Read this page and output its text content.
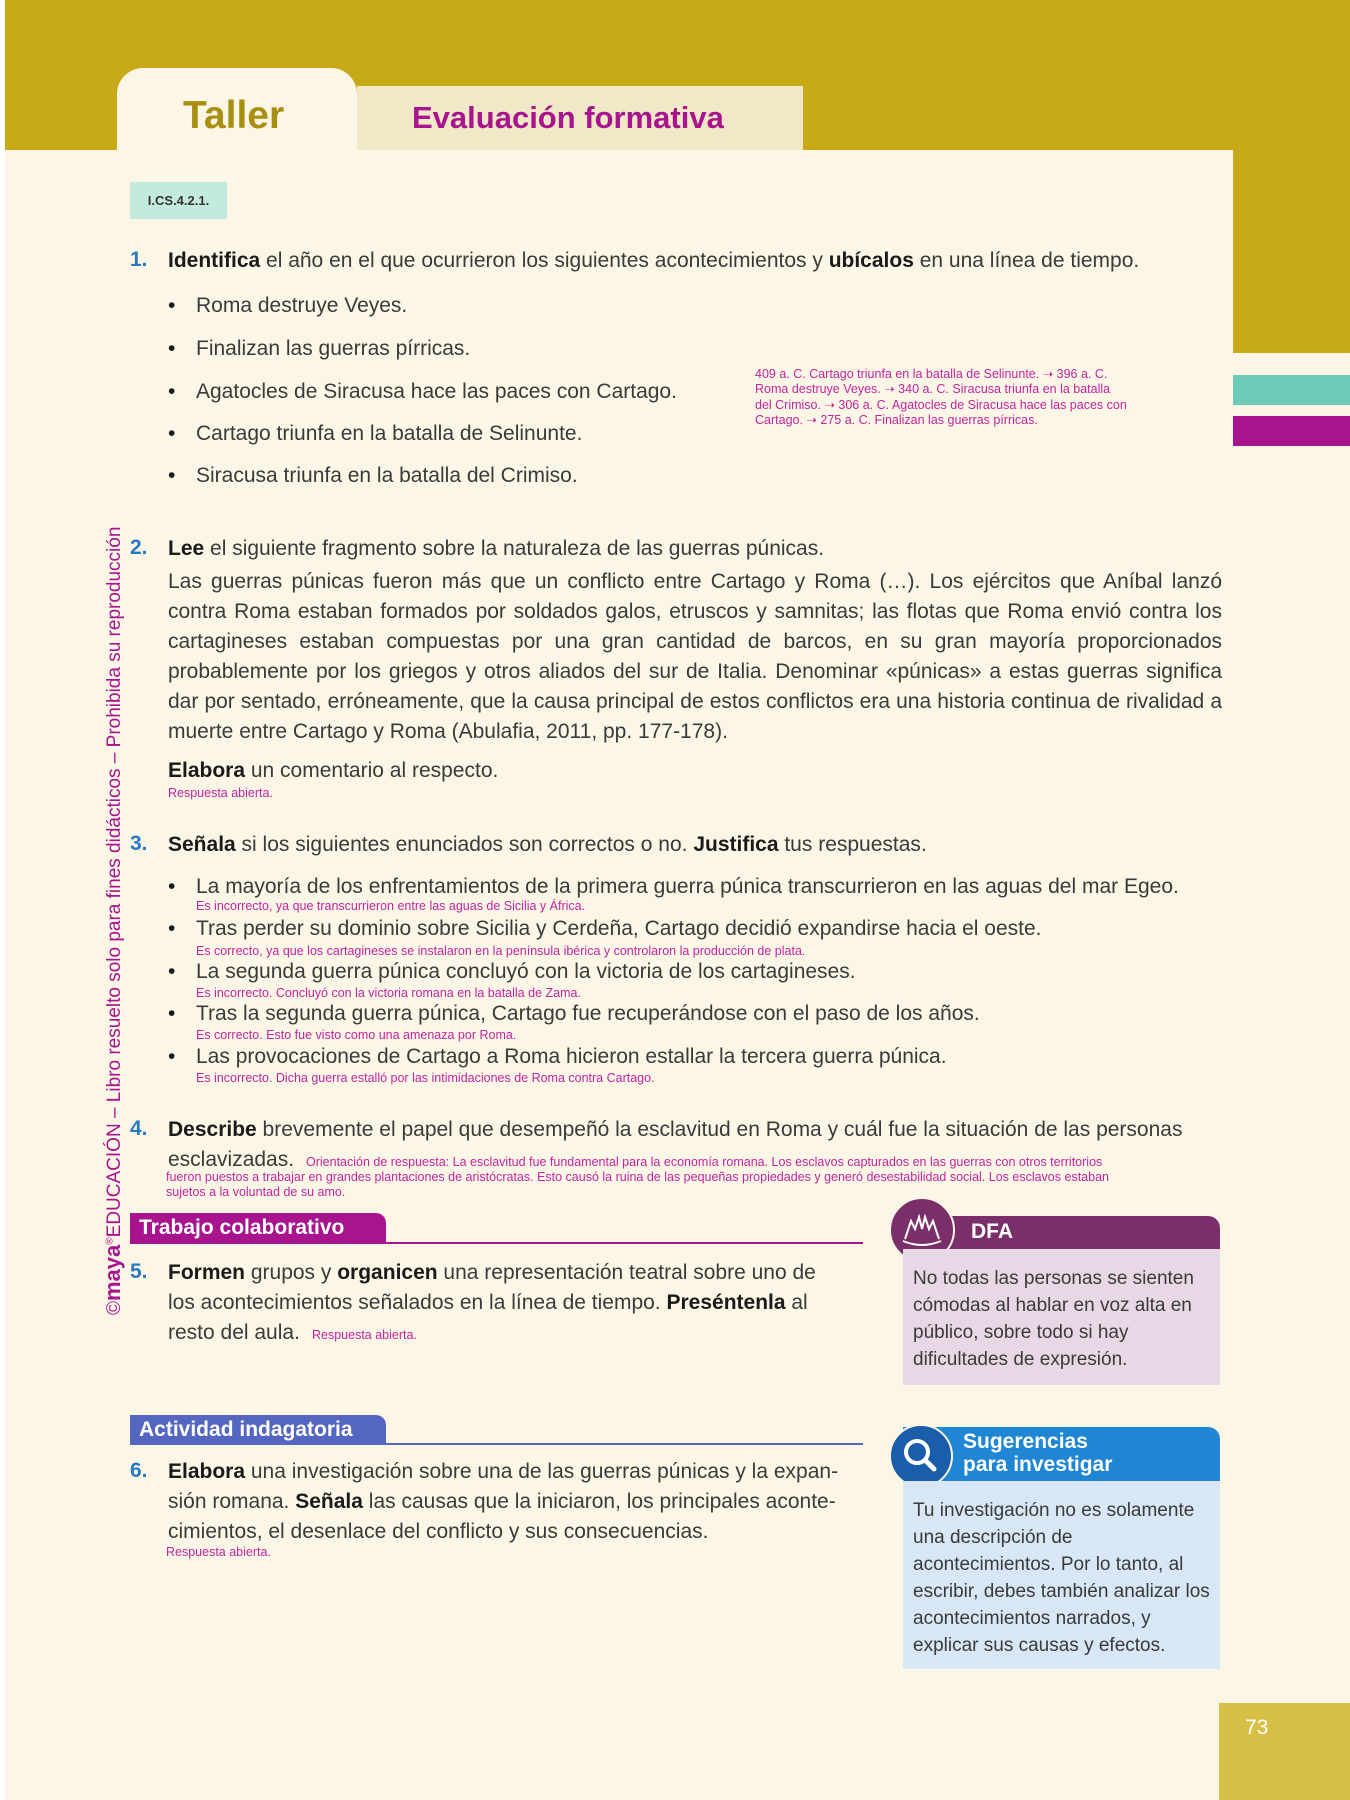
Taller	Evaluación formativa
I.CS.4.2.1.
©maya®EDUCACIÓN – Libro resuelto solo para fines didácticos – Prohibida su reproducción
1. Identifica el año en el que ocurrieron los siguientes acontecimientos y ubícalos en una línea de tiempo.
• Roma destruye Veyes.
• Finalizan las guerras pírricas.
• Agatocles de Siracusa hace las paces con Cartago.
• Cartago triunfa en la batalla de Selinunte.
• Siracusa triunfa en la batalla del Crimiso.
409 a. C. Cartago triunfa en la batalla de Selinunte. ➝ 396 a. C.
Roma destruye Veyes. ➝ 340 a. C. Siracusa triunfa en la batalla
del Crimiso. ➝ 306 a. C. Agatocles de Siracusa hace las paces con
Cartago. ➝ 275 a. C. Finalizan las guerras pírricas.
2. Lee el siguiente fragmento sobre la naturaleza de las guerras púnicas.
Las guerras púnicas fueron más que un conflicto entre Cartago y Roma (…). Los ejércitos que Aníbal lanzó contra Roma estaban formados por soldados galos, etruscos y samnitas; las flotas que Roma envió contra los cartagineses estaban compuestas por una gran cantidad de barcos, en su gran mayoría proporcionados probablemente por los griegos y otros aliados del sur de Italia. Denominar «púnicas» a estas guerras significa dar por sentado, erróneamente, que la causa principal de estos conflictos era una historia continua de rivalidad a muerte entre Cartago y Roma (Abulafia, 2011, pp. 177-178).
Elabora un comentario al respecto.
Respuesta abierta.
3. Señala si los siguientes enunciados son correctos o no. Justifica tus respuestas.
• La mayoría de los enfrentamientos de la primera guerra púnica transcurrieron en las aguas del mar Egeo.
Es incorrecto, ya que transcurrieron entre las aguas de Sicilia y África.
• Tras perder su dominio sobre Sicilia y Cerdeña, Cartago decidió expandirse hacia el oeste.
Es correcto, ya que los cartagineses se instalaron en la península ibérica y controlaron la producción de plata.
• La segunda guerra púnica concluyó con la victoria de los cartagineses.
Es incorrecto. Concluyó con la victoria romana en la batalla de Zama.
• Tras la segunda guerra púnica, Cartago fue recuperándose con el paso de los años.
Es correcto. Esto fue visto como una amenaza por Roma.
• Las provocaciones de Cartago a Roma hicieron estallar la tercera guerra púnica.
Es incorrecto. Dicha guerra estalló por las intimidaciones de Roma contra Cartago.
4. Describe brevemente el papel que desempeñó la esclavitud en Roma y cuál fue la situación de las personas
esclavizadas. Orientación de respuesta: La esclavitud fue fundamental para la economía romana. Los esclavos capturados en las guerras con otros territorios
fueron puestos a trabajar en grandes plantaciones de aristócratas. Esto causó la ruina de las pequeñas propiedades y generó desestabilidad social. Los esclavos estaban
sujetos a la voluntad de su amo.
Trabajo colaborativo
5. Formen grupos y organicen una representación teatral sobre uno de
los acontecimientos señalados en la línea de tiempo. Preséntenla al
resto del aula. Respuesta abierta.
DFA
No todas las personas se sienten cómodas al hablar en voz alta en público, sobre todo si hay dificultades de expresión.
Actividad indagatoria
6. Elabora una investigación sobre una de las guerras púnicas y la expan-
sión romana. Señala las causas que la iniciaron, los principales aconte-
cimientos, el desenlace del conflicto y sus consecuencias.
Respuesta abierta.
Sugerencias
para investigar
Tu investigación no es solamente una descripción de acontecimientos. Por lo tanto, al escribir, debes también analizar los acontecimientos narrados, y explicar sus causas y efectos.
73
